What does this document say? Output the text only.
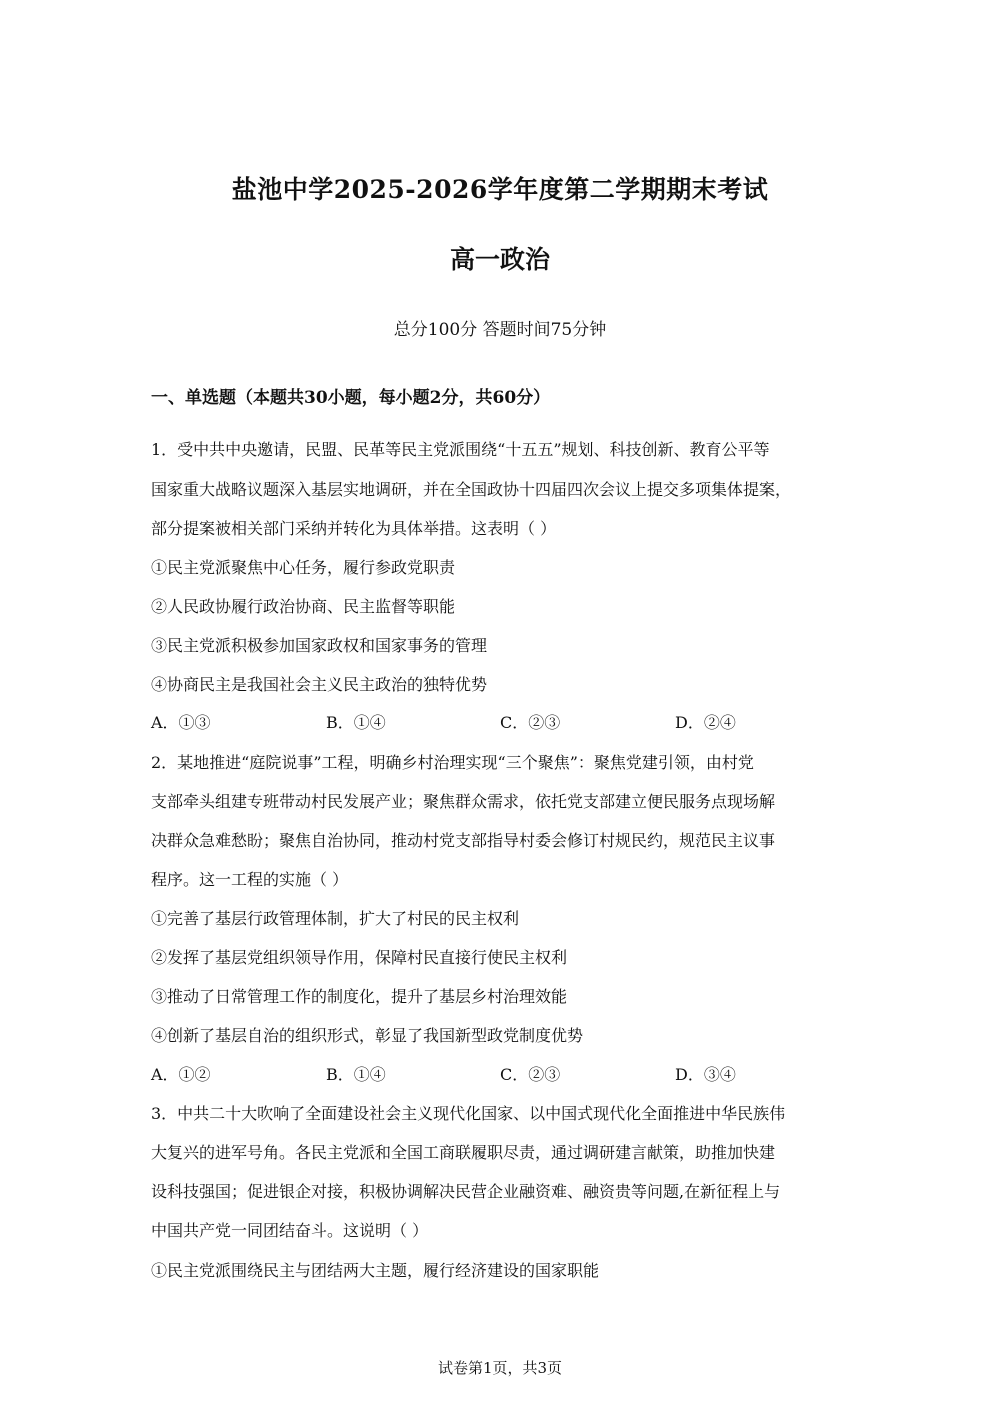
盐池中学2025-2026学年度第二学期期末考试
高一政治
总分100分 答题时间75分钟
一、单选题（本题共30小题，每小题2分，共60分）
1．受中共中央邀请，民盟、民革等民主党派围绕“十五五”规划、科技创新、教育公平等
国家重大战略议题深入基层实地调研，并在全国政协十四届四次会议上提交多项集体提案，
部分提案被相关部门采纳并转化为具体举措。这表明（ ）
①民主党派聚焦中心任务，履行参政党职责
②人民政协履行政治协商、民主监督等职能
③民主党派积极参加国家政权和国家事务的管理
④协商民主是我国社会主义民主政治的独特优势
A．①③	B．①④	C．②③	D．②④
2．某地推进“庭院说事”工程，明确乡村治理实现“三个聚焦”：聚焦党建引领，由村党
支部牵头组建专班带动村民发展产业；聚焦群众需求，依托党支部建立便民服务点现场解
决群众急难愁盼；聚焦自治协同，推动村党支部指导村委会修订村规民约，规范民主议事
程序。这一工程的实施（ ）
①完善了基层行政管理体制，扩大了村民的民主权利
②发挥了基层党组织领导作用，保障村民直接行使民主权利
③推动了日常管理工作的制度化，提升了基层乡村治理效能
④创新了基层自治的组织形式，彰显了我国新型政党制度优势
A．①②	B．①④	C．②③	D．③④
3．中共二十大吹响了全面建设社会主义现代化国家、以中国式现代化全面推进中华民族伟
大复兴的进军号角。各民主党派和全国工商联履职尽责，通过调研建言献策，助推加快建
设科技强国；促进银企对接，积极协调解决民营企业融资难、融资贵等问题,在新征程上与
中国共产党一同团结奋斗。这说明（ ）
①民主党派围绕民主与团结两大主题，履行经济建设的国家职能
试卷第1页，共3页
